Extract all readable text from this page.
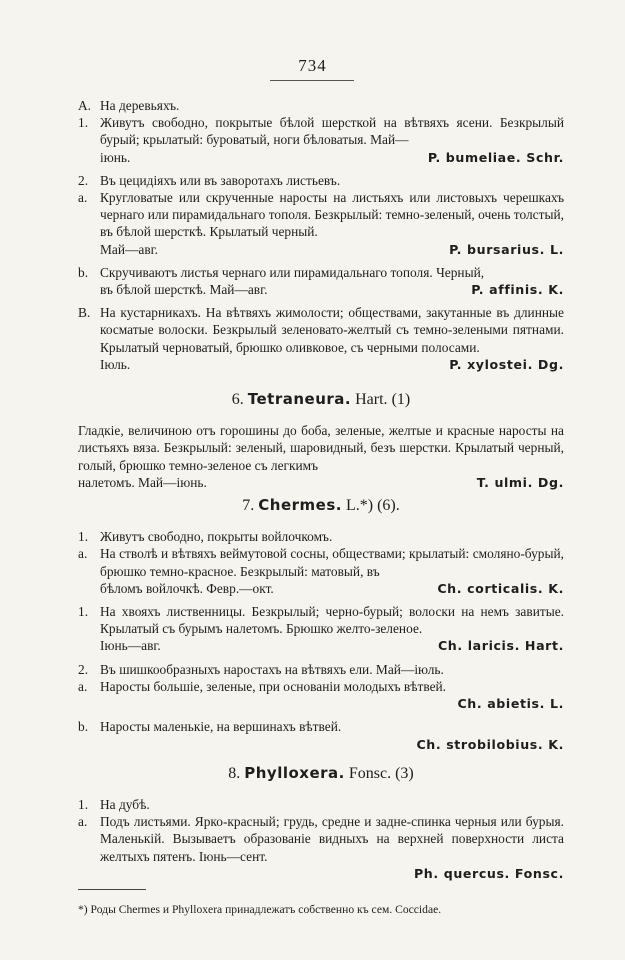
734
A. На деревьяхъ.
1. Живутъ свободно, покрытые бѣлой шерсткой на вѣтвяхъ ясени. Безкрылый бурый; крылатый: буроватый, ноги бѣловатыя. Май—
іюнь.	P. bumeliae. Schr.
2. Въ цецидіяхъ или въ заворотахъ листьевъ.
a. Кругловатые или скрученные наросты на листьяхъ или листовыхъ черешкахъ чернаго или пирамидальнаго тополя. Безкрылый: темно-зеленый, очень толстый, въ бѣлой шерсткѣ. Крылатый черный.
Май—авг.	P. bursarius. L.
b. Скручиваютъ листья чернаго или пирамидальнаго тополя. Черный,
въ бѣлой шерсткѣ. Май—авг.	P. affinis. K.
B. На кустарникахъ. На вѣтвяхъ жимолости; обществами, закутанные въ длинные косматые волоски. Безкрылый зеленовато-желтый съ темно-зелеными пятнами. Крылатый черноватый, брюшко оливковое, съ черными полосами.
Іюль.	P. xylostei. Dg.
6. Tetraneura. Hart. (1)
Гладкіе, величиною отъ горошины до боба, зеленые, желтые и красные наросты на листьяхъ вяза. Безкрылый: зеленый, шаровидный, безъ шерстки. Крылатый черный, голый, брюшко темно-зеленое съ легкимъ
налетомъ. Май—іюнь.	T. ulmi. Dg.
7. Chermes. L.*) (6).
1. Живутъ свободно, покрыты войлочкомъ.
a. На стволѣ и вѣтвяхъ веймутовой сосны, обществами; крылатый: смоляно-бурый, брюшко темно-красное. Безкрылый: матовый, въ
бѣломъ войлочкѣ. Февр.—окт.	Ch. corticalis. K.
1. На хвояхъ лиственницы. Безкрылый; черно-бурый; волоски на немъ завитые. Крылатый съ бурымъ налетомъ. Брюшко желто-зеленое.
Іюнь—авг.	Ch. laricis. Hart.
2. Въ шишкообразныхъ наростахъ на вѣтвяхъ ели. Май—іюль.
a. Наросты большіе, зеленые, при основаніи молодыхъ вѣтвей.
Ch. abietis. L.
b. Наросты маленькіе, на вершинахъ вѣтвей.
Ch. strobilobius. K.
8. Phylloxera. Fonsc. (3)
1. На дубѣ.
a. Подъ листьями. Ярко-красный; грудь, средне и задне-спинка черныя или бурыя. Маленькій. Вызываетъ образованіе видныхъ на верхней поверхности листа желтыхъ пятенъ. Іюнь—сент.
Ph. quercus. Fonsc.
*) Роды Chermes и Phylloxera принадлежатъ собственно къ сем. Coccidae.
